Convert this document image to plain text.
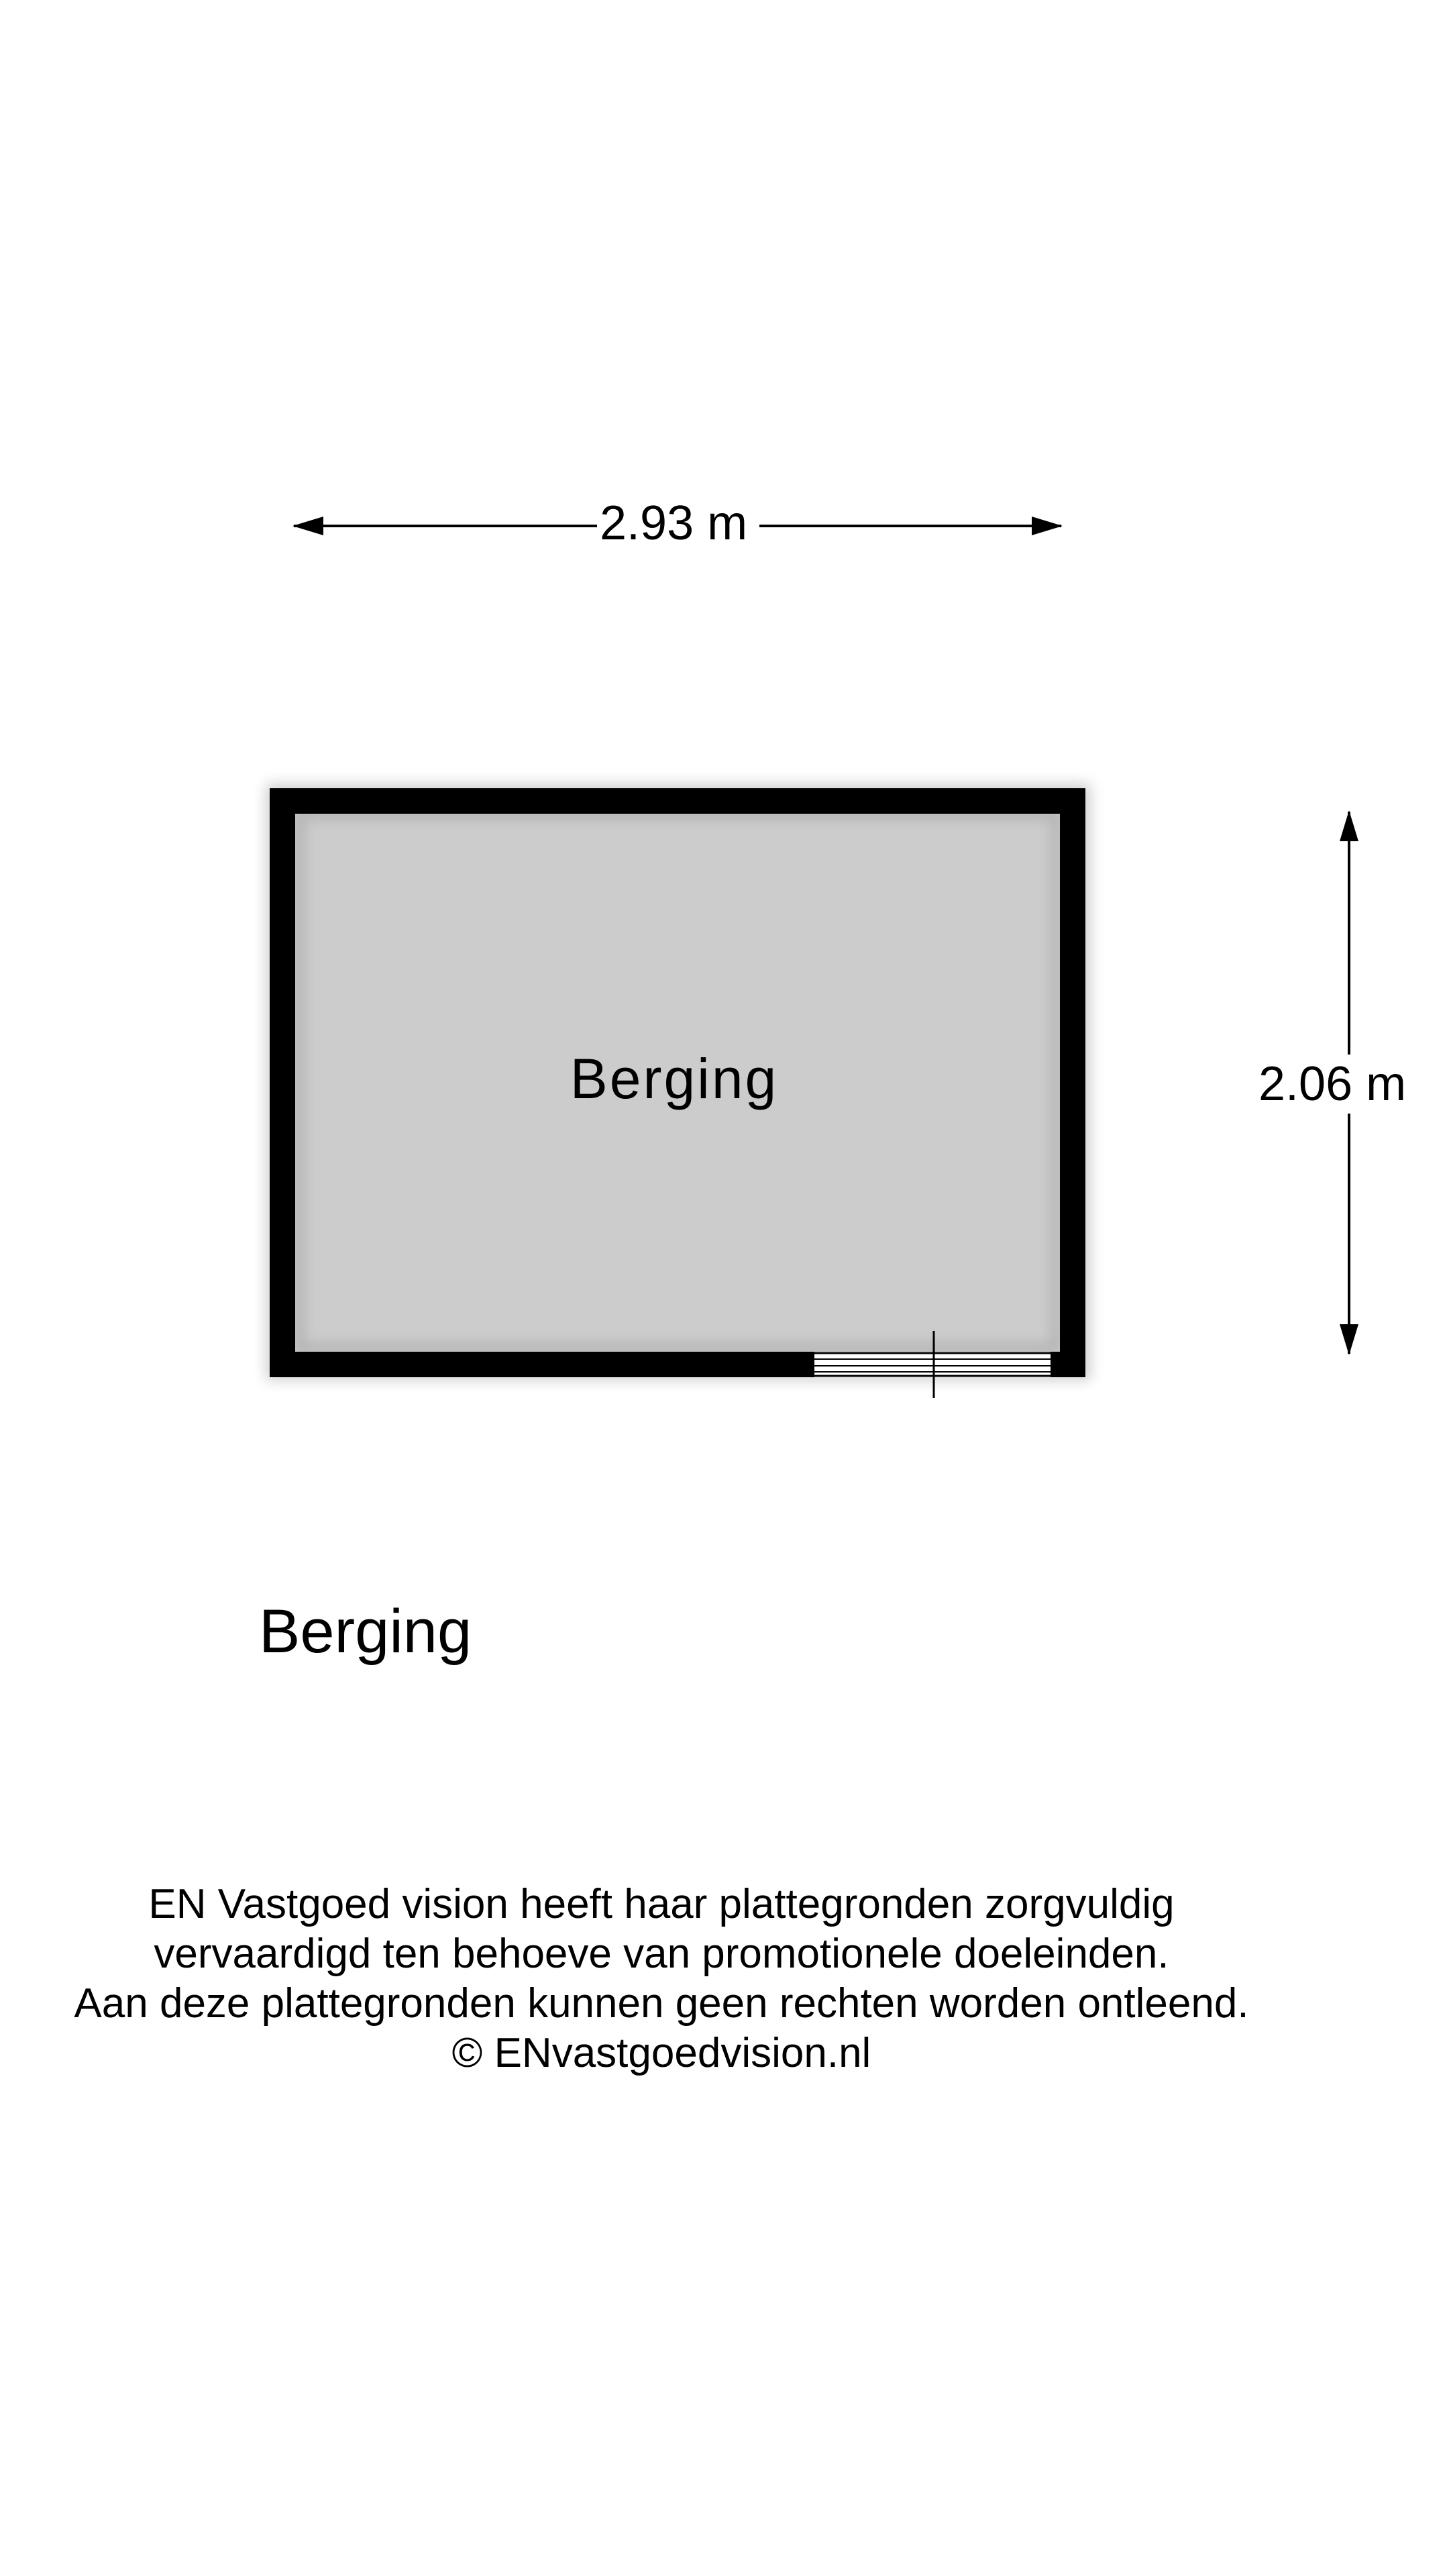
2.93 m
2.06 m
Berging
Berging
EN Vastgoed vision heeft haar plattegronden zorgvuldig
vervaardigd ten behoeve van promotionele doeleinden.
Aan deze plattegronden kunnen geen rechten worden ontleend.
© ENvastgoedvision.nl
